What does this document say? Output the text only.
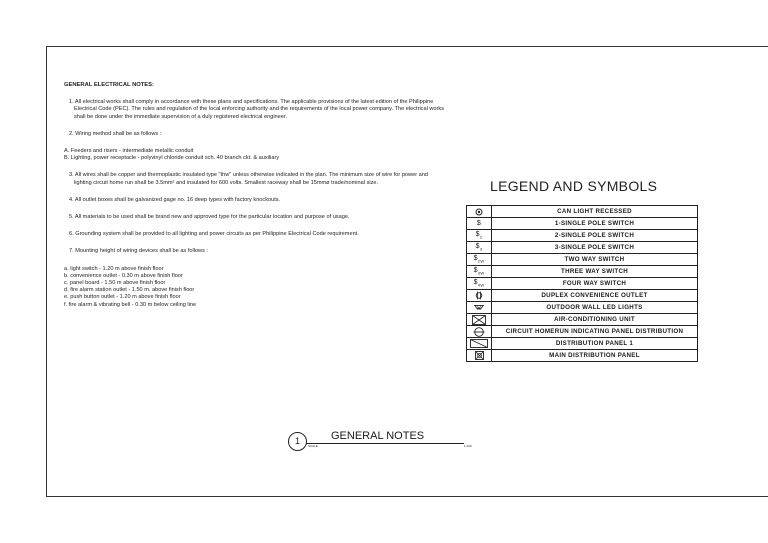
GENERAL ELECTRICAL NOTES:
1. All electrical works shall comply in accordance with these plans and specifications. The applicable provisions of the latest edition of the Philippine Electrical Code (PEC). The rules and regulation of the local enforcing authority and the requirements of the local power company. The electrical works shall be done under the immediate supervision of a duly registered electrical engineer.
2. Wiring method shall be as follows :
A. Feeders and risers - intermediate metallic conduit
B. Lighting, power receptacle - polyvinyl chloride conduit sch. 40 branch ckt. & auxiliary
3. All wires shall be copper and thermoplastic insulated type "thw" unless otherwise indicated in the plan. The minimum size of wire for power and lighting circuit home run shall be 3.5mm² and insulated for 600 volts. Smallest raceway shall be 15mmø trade/nominal size.
4. All outlet boxes shall be galvanized gage no. 16 deep types with factory knockouts.
5. All materials to be used shall be brand new and approved type for the particular location and purpose of usage.
6. Grounding system shall be provided to all lighting and power circuits as per Philippine Electrical Code requirement.
7. Mounting height of wiring devices shall be as follows :
a. light switch - 1.20 m above finish floor
b. convenience outlet - 0.30 m above finish floor
c. panel board - 1.50 m above finish floor
d. fire alarm station outlet - 1.50 m. above finish floor
e. push button outlet - 1.20 m above finish floor
f. fire alarm & vibrating bell - 0.30 m below ceiling line
LEGEND AND SYMBOLS
	CAN LIGHT RECESSED
$	1-SINGLE POLE SWITCH
$\$_2$	2-SINGLE POLE SWITCH
$\$_3$	3-SINGLE POLE SWITCH
$\$_{2W}$	TWO WAY SWITCH
$\$_{3W}$	THREE WAY SWITCH
$\$_{4W}$	FOUR WAY SWITCH

	DUPLEX CONVENIENCE OUTLET

	OUTDOOR WALL LED LIGHTS

	AIR-CONDITIONING UNIT

	CIRCUIT HOMERUN INDICATING PANEL DISTRIBUTION

	DISTRIBUTION PANEL 1

	MAIN DISTRIBUTION PANEL
1	GENERAL NOTES
SCALE	1:100
